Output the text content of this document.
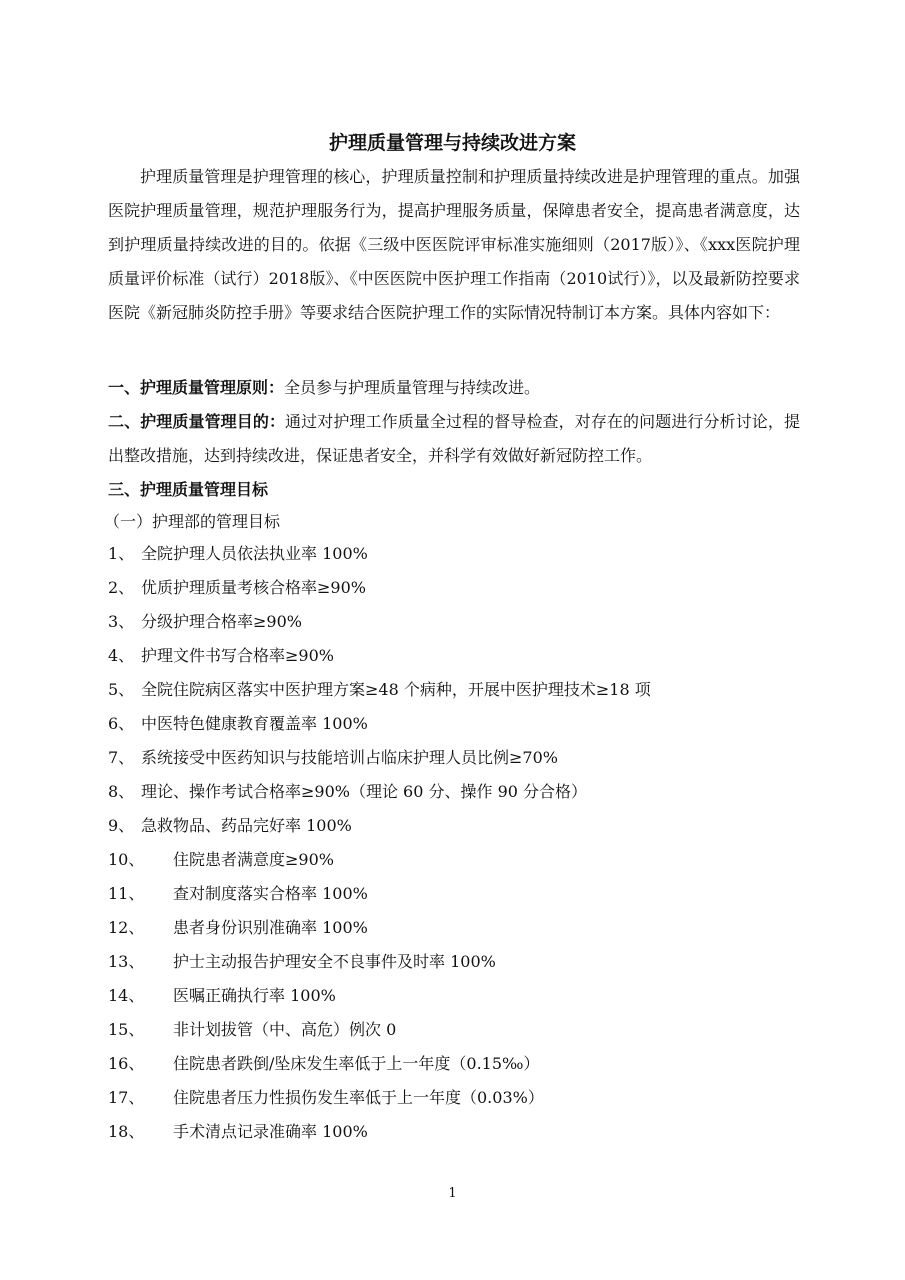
护理质量管理与持续改进方案

护理质量管理是护理管理的核心，护理质量控制和护理质量持续改进是护理管理的重点。加强医院护理质量管理，规范护理服务行为，提高护理服务质量，保障患者安全，提高患者满意度，达到护理质量持续改进的目的。依据《三级中医医院评审标准实施细则（2017版）》、《xxx医院护理质量评价标准（试行）2018版》、《中医医院中医护理工作指南（2010试行）》，以及最新防控要求医院《新冠肺炎防控手册》等要求结合医院护理工作的实际情况特制订本方案。具体内容如下：

一、护理质量管理原则：全员参与护理质量管理与持续改进。

二、护理质量管理目的：通过对护理工作质量全过程的督导检查，对存在的问题进行分析讨论，提出整改措施，达到持续改进，保证患者安全，并科学有效做好新冠防控工作。

三、护理质量管理目标
（一）护理部的管理目标
1、 全院护理人员依法执业率 100%
2、 优质护理质量考核合格率≥90%
3、 分级护理合格率≥90%
4、 护理文件书写合格率≥90%
5、 全院住院病区落实中医护理方案≥48 个病种，开展中医护理技术≥18 项
6、 中医特色健康教育覆盖率 100%
7、 系统接受中医药知识与技能培训占临床护理人员比例≥70%
8、 理论、操作考试合格率≥90%（理论 60 分、操作 90 分合格）
9、 急救物品、药品完好率 100%
10、	住院患者满意度≥90%
11、	查对制度落实合格率 100%
12、	患者身份识别准确率 100%
13、	护士主动报告护理安全不良事件及时率 100%
14、	医嘱正确执行率 100%
15、	非计划拔管（中、高危）例次 0
16、	住院患者跌倒/坠床发生率低于上一年度（0.15‰）
17、	住院患者压力性损伤发生率低于上一年度（0.03%）
18、	手术清点记录准确率 100%
1
